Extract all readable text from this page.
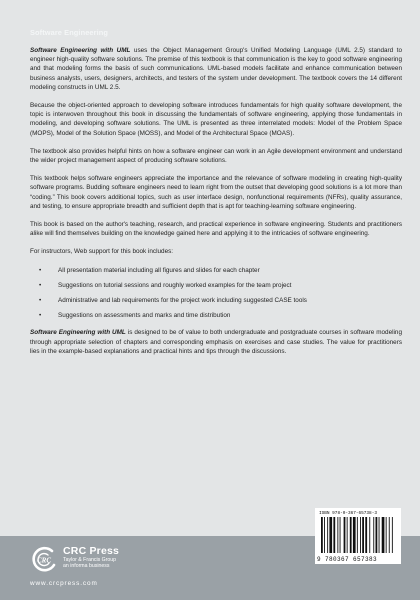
Software Engineering

Software Engineering with UML uses the Object Management Group's Unified Modeling Language (UML 2.5) standard to engineer high-quality software solutions. The premise of this textbook is that communication is the key to good software engineering and that modeling forms the basis of such communications. UML-based models facilitate and enhance communication between business analysts, users, designers, architects, and testers of the system under development. The textbook covers the 14 different modeling constructs in UML 2.5.

Because the object-oriented approach to developing software introduces fundamentals for high quality software development, the topic is interwoven throughout this book in discussing the fundamentals of software engineering, applying those fundamentals in modeling, and developing software solutions. The UML is presented as three interrelated models: Model of the Problem Space (MOPS), Model of the Solution Space (MOSS), and Model of the Architectural Space (MOAS).

The textbook also provides helpful hints on how a software engineer can work in an Agile development environment and understand the wider project management aspect of producing software solutions.

This textbook helps software engineers appreciate the importance and the relevance of software modeling in creating high-quality software programs. Budding software engineers need to learn right from the outset that developing good solutions is a lot more than “coding.” This book covers additional topics, such as user interface design, nonfunctional requirements (NFRs), quality assurance, and testing, to ensure appropriate breadth and sufficient depth that is apt for teaching-learning software engineering.

This book is based on the author's teaching, research, and practical experience in software engineering. Students and practitioners alike will find themselves building on the knowledge gained here and applying it to the intricacies of software engineering.

For instructors, Web support for this book includes:

•	All presentation material including all figures and slides for each chapter
•	Suggestions on tutorial sessions and roughly worked examples for the team project
•	Administrative and lab requirements for the project work including suggested CASE tools
•	Suggestions on assessments and marks and time distribution

Software Engineering with UML is designed to be of value to both undergraduate and postgraduate courses in software modeling through appropriate selection of chapters and corresponding emphasis on exercises and case studies. The value for practitioners lies in the example-based explanations and practical hints and tips through the discussions.

CRC
CRC Press
Taylor & Francis Group
an informa business
www.crcpress.com
ISBN 978-0-367-65738-3
9 780367 657383
